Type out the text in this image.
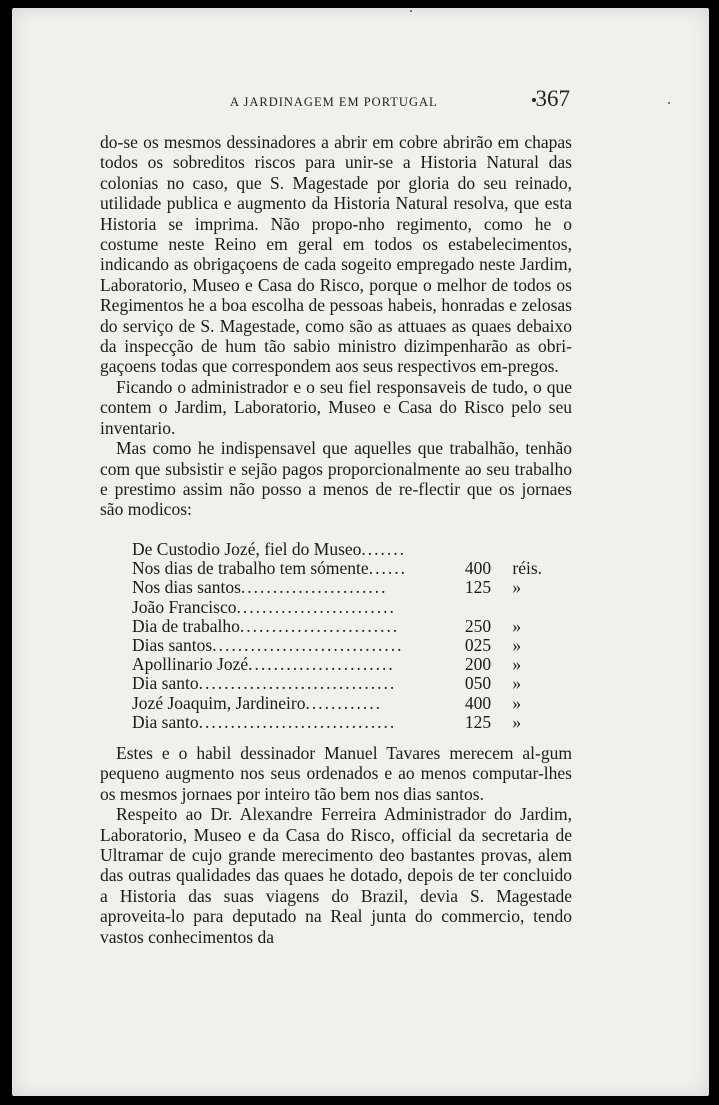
A JARDINAGEM EM PORTUGAL	367

do-se os mesmos dessinadores a abrir em cobre abrirão em chapas todos os sobreditos riscos para unir-se a Historia Natural das colonias no caso, que S. Magestade por gloria do seu reinado, utilidade publica e augmento da Historia Natural resolva, que esta Historia se imprima. Não propo-nho regimento, como he o costume neste Reino em geral em todos os estabelecimentos, indicando as obrigaçoens de cada sogeito empregado neste Jardim, Laboratorio, Museo e Casa do Risco, porque o melhor de todos os Regimentos he a boa escolha de pessoas habeis, honradas e zelosas do serviço de S. Magestade, como são as attuaes as quaes debaixo da inspecção de hum tão sabio ministro dizimpenharão as obri-gaçoens todas que correspondem aos seus respectivos em-pregos.

Ficando o administrador e o seu fiel responsaveis de tudo, o que contem o Jardim, Laboratorio, Museo e Casa do Risco pelo seu inventario.

Mas como he indispensavel que aquelles que trabalhão, tenhão com que subsistir e sejão pagos proporcionalmente ao seu trabalho e prestimo assim não posso a menos de re-flectir que os jornaes são modicos:

De Custodio Jozé, fiel do Museo.......
Nos dias de trabalho tem sómente......	400	réis.
Nos dias santos.......................	125	»
João Francisco.........................
Dia de trabalho.........................	250	»
Dias santos..............................	025	»
Apollinario Jozé.......................	200	»
Dia santo...............................	050	»
Jozé Joaquim, Jardineiro............	400	»
Dia santo...............................	125	»

Estes e o habil dessinador Manuel Tavares merecem al-gum pequeno augmento nos seus ordenados e ao menos computar-lhes os mesmos jornaes por inteiro tão bem nos dias santos.

Respeito ao Dr. Alexandre Ferreira Administrador do Jardim, Laboratorio, Museo e da Casa do Risco, official da secretaria de Ultramar de cujo grande merecimento deo bastantes provas, alem das outras qualidades das quaes he dotado, depois de ter concluido a Historia das suas viagens do Brazil, devia S. Magestade aproveita-lo para deputado na Real junta do commercio, tendo vastos conhecimentos da
